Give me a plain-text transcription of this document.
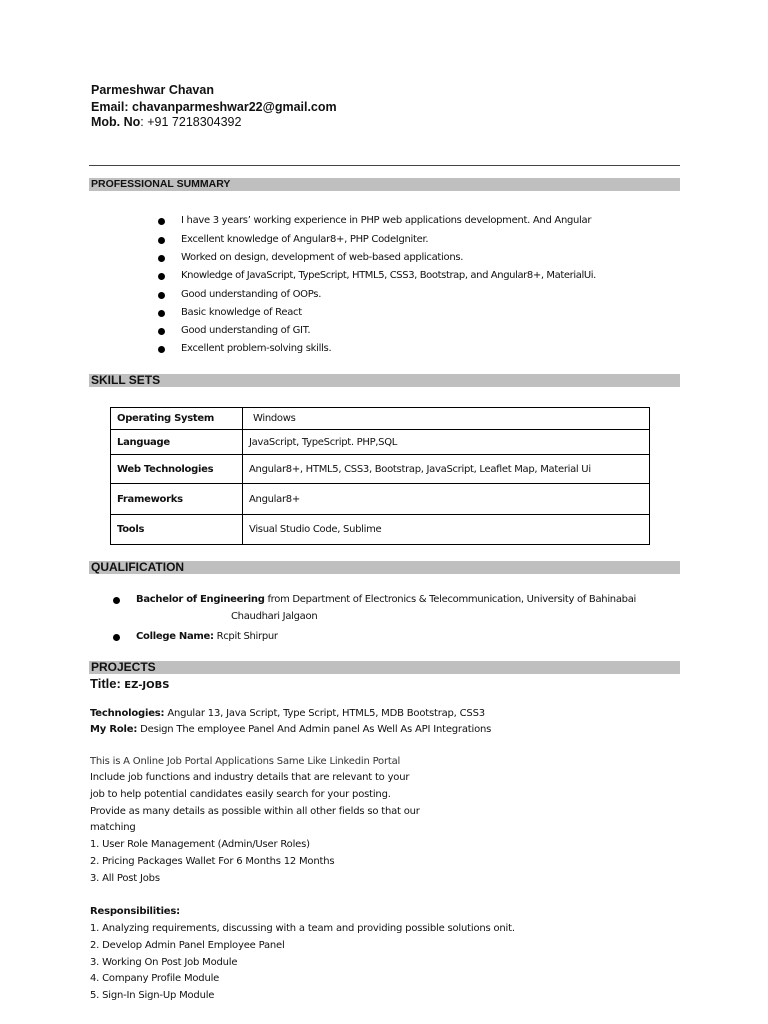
Parmeshwar Chavan
Email: chavanparmeshwar22@gmail.com
Mob. No: +91 7218304392
PROFESSIONAL SUMMARY
I have 3 years’ working experience in PHP web applications development. And Angular
Excellent knowledge of Angular8+, PHP CodeIgniter.
Worked on design, development of web-based applications.
Knowledge of JavaScript, TypeScript, HTML5, CSS3, Bootstrap, and Angular8+, MaterialUi.
Good understanding of OOPs.
Basic knowledge of React
Good understanding of GIT.
Excellent problem-solving skills.
SKILL SETS
Operating System	Windows
Language	JavaScript, TypeScript. PHP,SQL
Web Technologies	Angular8+, HTML5, CSS3, Bootstrap, JavaScript, Leaflet Map, Material Ui
Frameworks	Angular8+
Tools	Visual Studio Code, Sublime
QUALIFICATION
Bachelor of Engineering from Department of Electronics & Telecommunication, University of Bahinabai
Chaudhari Jalgaon
College Name: Rcpit Shirpur
PROJECTS
Title: EZ-JOBS
Technologies: Angular 13, Java Script, Type Script, HTML5, MDB Bootstrap, CSS3
My Role: Design The employee Panel And Admin panel As Well As API Integrations
This is A Online Job Portal Applications Same Like Linkedin Portal
Include job functions and industry details that are relevant to your
job to help potential candidates easily search for your posting.
Provide as many details as possible within all other fields so that our
matching
1. User Role Management (Admin/User Roles)
2. Pricing Packages Wallet For 6 Months 12 Months
3. All Post Jobs
Responsibilities:
1. Analyzing requirements, discussing with a team and providing possible solutions onit.
2. Develop Admin Panel Employee Panel
3. Working On Post Job Module
4. Company Profile Module
5. Sign-In Sign-Up Module
